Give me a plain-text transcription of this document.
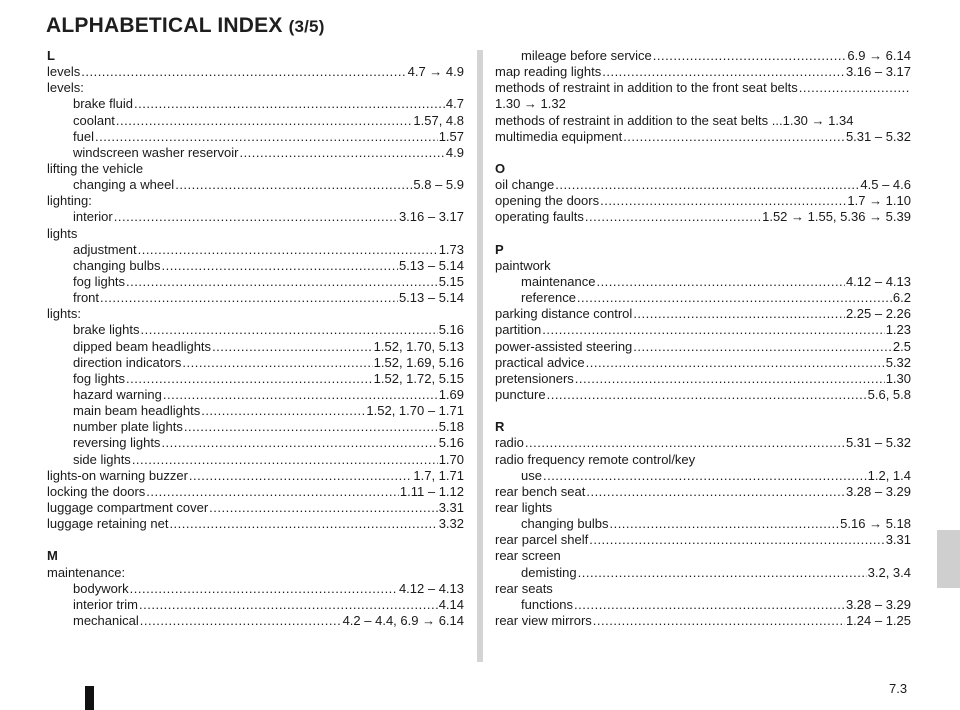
ALPHABETICAL INDEX (3/5)
L
levels .....	4.7 → 4.9
levels:
brake fluid .....	4.7
coolant .....	1.57, 4.8
fuel .....	1.57
windscreen washer reservoir .....	4.9
lifting the vehicle
changing a wheel .....	5.8 – 5.9
lighting:
interior .....	3.16 – 3.17
lights
adjustment .....	1.73
changing bulbs .....	5.13 – 5.14
fog lights .....	5.15
front .....	5.13 – 5.14
lights:
brake lights .....	5.16
dipped beam headlights .....	1.52, 1.70, 5.13
direction indicators .....	1.52, 1.69, 5.16
fog lights .....	1.52, 1.72, 5.15
hazard warning .....	1.69
main beam headlights .....	1.52, 1.70 – 1.71
number plate lights .....	5.18
reversing lights .....	5.16
side lights .....	1.70
lights-on warning buzzer .....	1.7, 1.71
locking the doors .....	1.11 – 1.12
luggage compartment cover .....	3.31
luggage retaining net .....	3.32
M
maintenance:
bodywork .....	4.12 – 4.13
interior trim .....	4.14
mechanical .....	4.2 – 4.4, 6.9 → 6.14
mileage before service .....	6.9 → 6.14
map reading lights .....	3.16 – 3.17
methods of restraint in addition to the front seat belts
.....
1.30 → 1.32
methods of restraint in addition to the seat belts ...1.30 → 1.34
multimedia equipment .....	5.31 – 5.32
O
oil change .....	4.5 – 4.6
opening the doors .....	1.7 → 1.10
operating faults .....	1.52 → 1.55, 5.36 → 5.39
P
paintwork
maintenance .....	4.12 – 4.13
reference .....	6.2
parking distance control .....	2.25 – 2.26
partition .....	1.23
power-assisted steering .....	2.5
practical advice .....	5.32
pretensioners .....	1.30
puncture .....	5.6, 5.8
R
radio .....	5.31 – 5.32
radio frequency remote control/key
use .....	1.2, 1.4
rear bench seat .....	3.28 – 3.29
rear lights
changing bulbs .....	5.16 → 5.18
rear parcel shelf .....	3.31
rear screen
demisting .....	3.2, 3.4
rear seats
functions .....	3.28 – 3.29
rear view mirrors .....	1.24 – 1.25
7.3
